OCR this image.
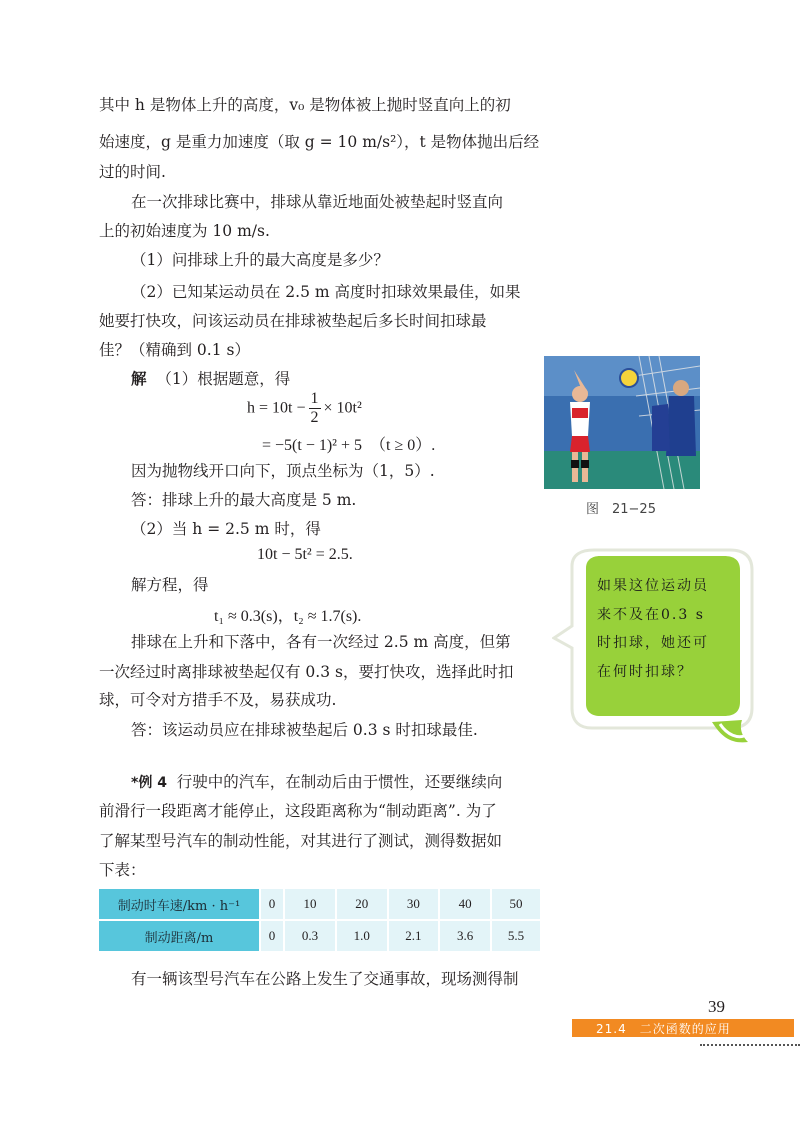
其中 h 是物体上升的高度，v₀ 是物体被上抛时竖直向上的初
始速度，g 是重力加速度（取 g = 10 m/s²），t 是物体抛出后经
过的时间.
在一次排球比赛中，排球从靠近地面处被垫起时竖直向
上的初始速度为 10 m/s.
（1）问排球上升的最大高度是多少？
（2）已知某运动员在 2.5 m 高度时扣球效果最佳，如果
她要打快攻，问该运动员在排球被垫起后多长时间扣球最
佳？（精确到 0.1 s）
解 （1）根据题意，得
$h = 10t - \frac{1}{2} \times 10t^2$
= −5(t − 1)² + 5　（t ≥ 0）.
因为抛物线开口向下，顶点坐标为（1，5）.
答：排球上升的最大高度是 5 m.
（2）当 h = 2.5 m 时，得
10t − 5t² = 2.5.
解方程，得
t₁ ≈ 0.3(s)，t₂ ≈ 1.7(s).
排球在上升和下落中，各有一次经过 2.5 m 高度，但第
一次经过时离排球被垫起仅有 0.3 s，要打快攻，选择此时扣
球，可令对方措手不及，易获成功.
答：该运动员应在排球被垫起后 0.3 s 时扣球最佳.
*例 4 行驶中的汽车，在制动后由于惯性，还要继续向
前滑行一段距离才能停止，这段距离称为“制动距离”. 为了
了解某型号汽车的制动性能，对其进行了测试，测得数据如
下表：
制动时车速/km · h⁻¹	0	10	20	30	40	50
制动距离/m	0	0.3	1.0	2.1	3.6	5.5
有一辆该型号汽车在公路上发生了交通事故，现场测得制
图　21−25
如果这位运动员来不及在0.3 s时扣球，她还可在何时扣球？
39
21.4　二次函数的应用
